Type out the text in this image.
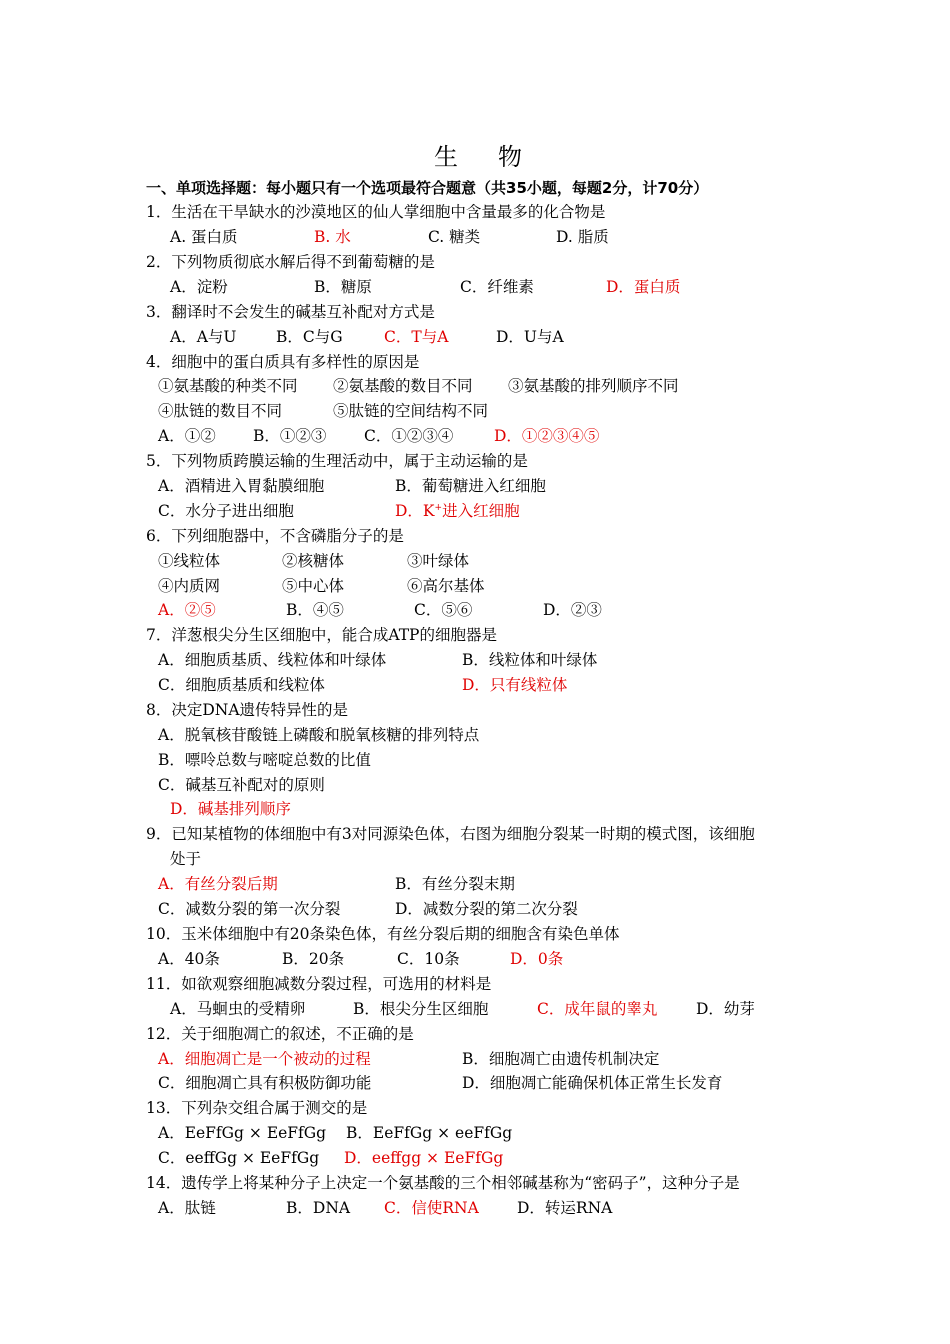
生 物
一、单项选择题：每小题只有一个选项最符合题意（共35小题，每题2分，计70分）
1．生活在干旱缺水的沙漠地区的仙人掌细胞中含量最多的化合物是
A. 蛋白质	B. 水	C. 糖类	D. 脂质
2．下列物质彻底水解后得不到葡萄糖的是
A．淀粉	B．糖原	C．纤维素	D．蛋白质
3．翻译时不会发生的碱基互补配对方式是
A．A与U	B．C与G	C．T与A	D．U与A
4．细胞中的蛋白质具有多样性的原因是
①氨基酸的种类不同 ②氨基酸的数目不同 ③氨基酸的排列顺序不同
④肽链的数目不同	⑤肽链的空间结构不同
A．①② B．①②③ C．①②③④	D．①②③④⑤
5．下列物质跨膜运输的生理活动中，属于主动运输的是
A．酒精进入胃黏膜细胞	B．葡萄糖进入红细胞
C．水分子进出细胞	D．K+进入红细胞
6．下列细胞器中，不含磷脂分子的是
①线粒体	②核糖体	③叶绿体
④内质网	⑤中心体	⑥高尔基体
A．②⑤	B．④⑤	C．⑤⑥	D．②③
7．洋葱根尖分生区细胞中，能合成ATP的细胞器是
A．细胞质基质、线粒体和叶绿体	B．线粒体和叶绿体
C．细胞质基质和线粒体	D．只有线粒体
8．决定DNA遗传特异性的是
A．脱氧核苷酸链上磷酸和脱氧核糖的排列特点
B．嘌呤总数与嘧啶总数的比值
C．碱基互补配对的原则
D．碱基排列顺序
9．已知某植物的体细胞中有3对同源染色体，右图为细胞分裂某一时期的模式图，该细胞
处于
A．有丝分裂后期	B．有丝分裂末期
C．减数分裂的第一次分裂	D．减数分裂的第二次分裂
10．玉米体细胞中有20条染色体，有丝分裂后期的细胞含有染色单体
A．40条	B．20条	C．10条	D．0条
11．如欲观察细胞减数分裂过程，可选用的材料是
A．马蛔虫的受精卵	B．根尖分生区细胞	C．成年鼠的睾丸 D．幼芽
12．关于细胞凋亡的叙述，不正确的是
A．细胞凋亡是一个被动的过程	B．细胞凋亡由遗传机制决定
C．细胞凋亡具有积极防御功能	D．细胞凋亡能确保机体正常生长发育
13．下列杂交组合属于测交的是
A．EeFfGg × EeFfGg B．EeFfGg × eeFfGg
C．eeffGg × EeFfGg D．eeffgg × EeFfGg
14．遗传学上将某种分子上决定一个氨基酸的三个相邻碱基称为“密码子”，这种分子是
A．肽链	B．DNA C．信使RNA D．转运RNA
